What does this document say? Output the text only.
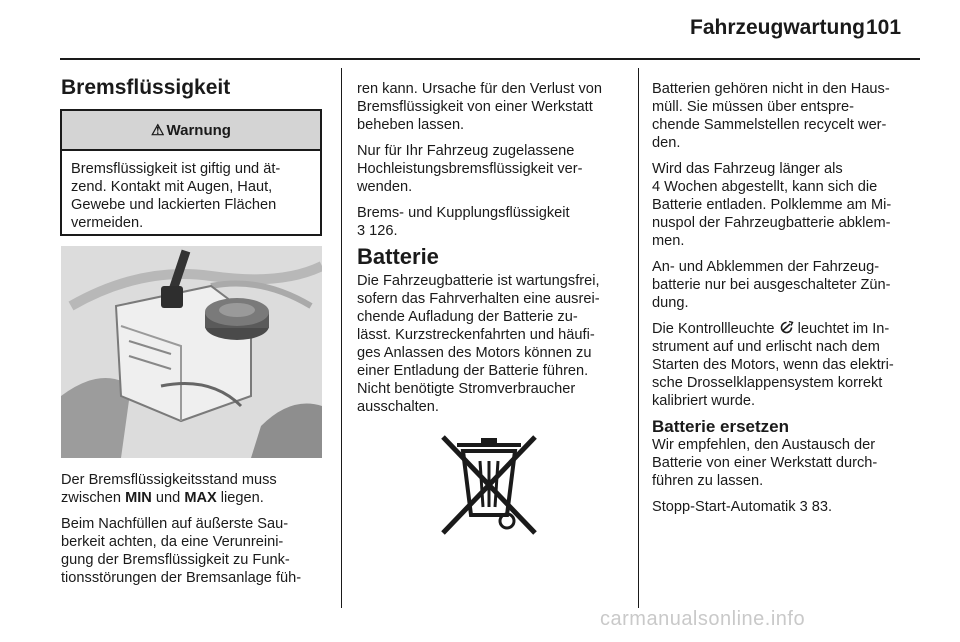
Fahrzeugwartung 101
Bremsflüssigkeit
⚠ Warnung
Bremsflüssigkeit ist giftig und ät-
zend. Kontakt mit Augen, Haut,
Gewebe und lackierten Flächen
vermeiden.

Der Bremsflüssigkeitsstand muss
zwischen MIN und MAX liegen.

Beim Nachfüllen auf äußerste Sau-
berkeit achten, da eine Verunreini-
gung der Bremsflüssigkeit zu Funk-
tionsstörungen der Bremsanlage füh-

ren kann. Ursache für den Verlust von
Bremsflüssigkeit von einer Werkstatt
beheben lassen.

Nur für Ihr Fahrzeug zugelassene
Hochleistungsbremsflüssigkeit ver-
wenden.

Brems- und Kupplungsflüssigkeit
3 126.

Batterie

Die Fahrzeugbatterie ist wartungsfrei,
sofern das Fahrverhalten eine ausrei-
chende Aufladung der Batterie zu-
lässt. Kurzstreckenfahrten und häufi-
ges Anlassen des Motors können zu
einer Entladung der Batterie führen.
Nicht benötigte Stromverbraucher
ausschalten.

Batterien gehören nicht in den Haus-
müll. Sie müssen über entspre-
chende Sammelstellen recycelt wer-
den.

Wird das Fahrzeug länger als
4 Wochen abgestellt, kann sich die
Batterie entladen. Polklemme am Mi-
nuspol der Fahrzeugbatterie abklem-
men.

An- und Abklemmen der Fahrzeug-
batterie nur bei ausgeschalteter Zün-
dung.

Die Kontrollleuchte  leuchtet im In-
strument auf und erlischt nach dem
Starten des Motors, wenn das elektri-
sche Drosselklappensystem korrekt
kalibriert wurde.

Batterie ersetzen

Wir empfehlen, den Austausch der
Batterie von einer Werkstatt durch-
führen zu lassen.

Stopp-Start-Automatik 3 83.

carmanualsonline.info
